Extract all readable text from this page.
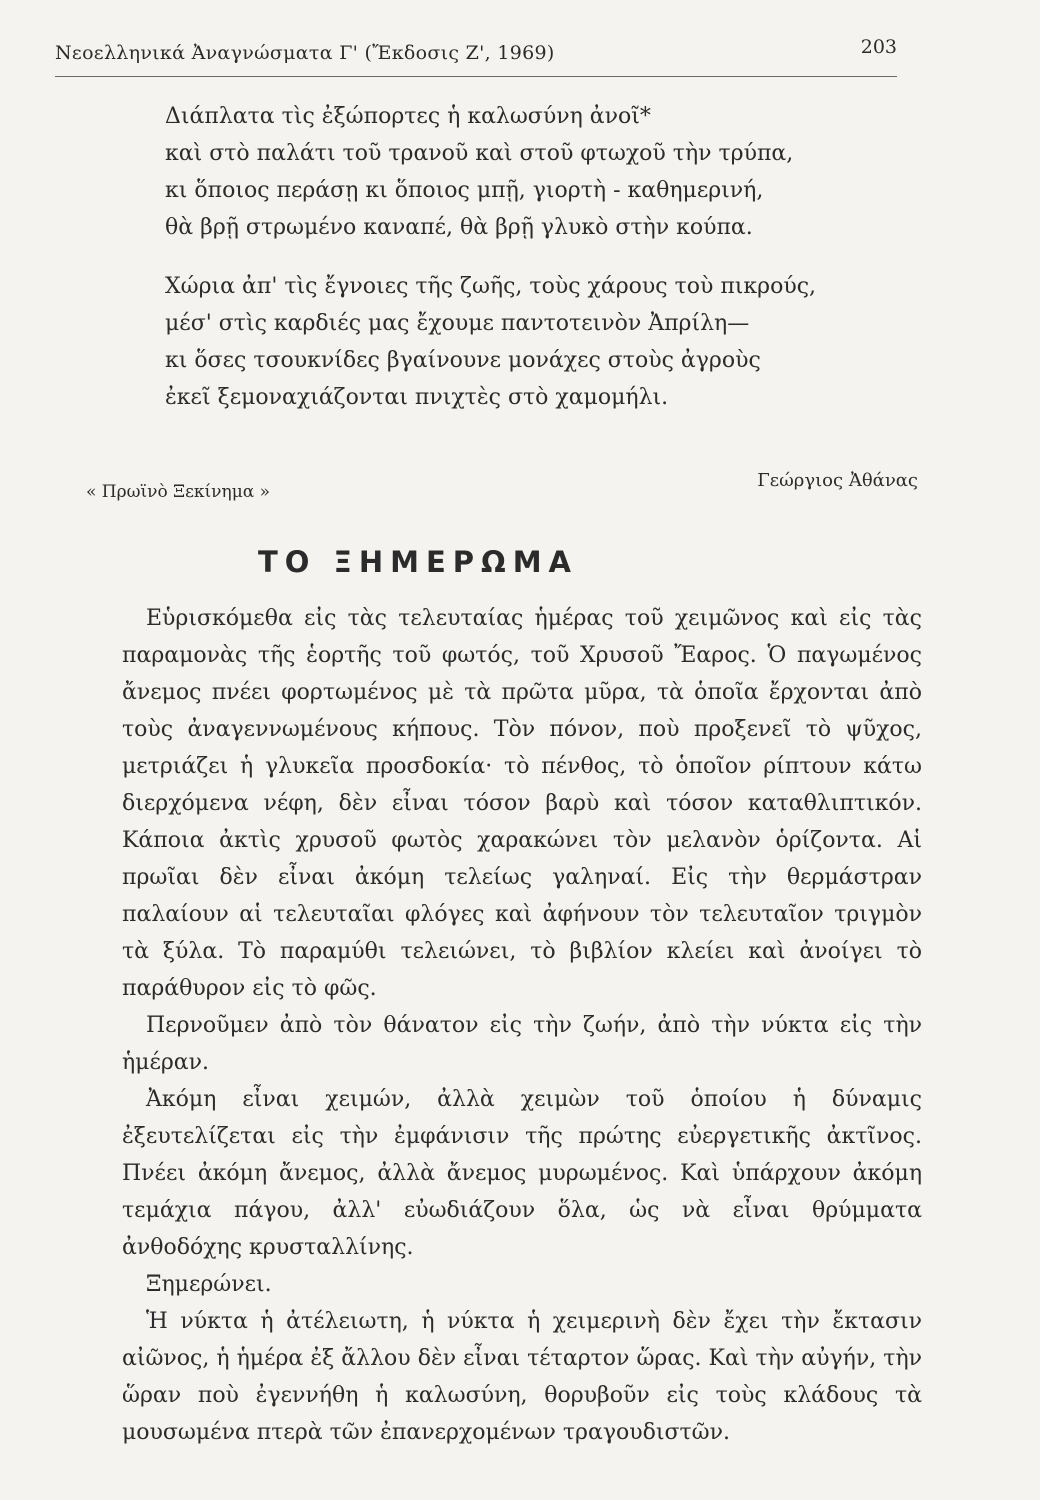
Νεοελληνικά Ἀναγνώσματα Γ' (Ἔκδοσις Ζ', 1969)	203

Διάπλατα τὶς ἐξώπορτες ἡ καλωσύνη ἀνοῖ*
καὶ στὸ παλάτι τοῦ τρανοῦ καὶ στοῦ φτωχοῦ τὴν τρύπα,
κι ὅποιος περάσῃ κι ὅποιος μπῇ, γιορτὴ - καθημερινή,
θὰ βρῇ στρωμένο καναπέ, θὰ βρῇ γλυκὸ στὴν κούπα.

Χώρια ἀπ' τὶς ἔγνοιες τῆς ζωῆς, τοὺς χάρους τοὺ πικρούς,
μέσ' στὶς καρδιές μας ἔχουμε παντοτεινὸν Ἀπρίλη—
κι ὅσες τσουκνίδες βγαίνουνε μονάχες στοὺς ἀγροὺς
ἐκεῖ ξεμοναχιάζονται πνιχτὲς στὸ χαμομήλι.

« Πρωϊνὸ Ξεκίνημα »
Γεώργιος Ἀθάνας
ΤΟ ΞΗΜΕΡΩΜΑ

Εὑρισκόμεθα εἰς τὰς τελευταίας ἡμέρας τοῦ χειμῶνος καὶ εἰς τὰς παραμονὰς τῆς ἑορτῆς τοῦ φωτός, τοῦ Χρυσοῦ Ἔαρος. Ὁ παγωμένος ἄνεμος πνέει φορτωμένος μὲ τὰ πρῶτα μῦρα, τὰ ὁποῖα ἔρχονται ἀπὸ τοὺς ἀναγεννωμένους κήπους. Τὸν πόνον, ποὺ προξενεῖ τὸ ψῦχος, μετριάζει ἡ γλυκεῖα προσδοκία· τὸ πένθος, τὸ ὁποῖον ρίπτουν κάτω διερχόμενα νέφη, δὲν εἶναι τόσον βαρὺ καὶ τόσον καταθλιπτικόν. Κάποια ἀκτὶς χρυσοῦ φωτὸς χαρακώνει τὸν μελανὸν ὁρίζοντα. Αἱ πρωῖαι δὲν εἶναι ἀκόμη τελείως γαληναί. Εἰς τὴν θερμάστραν παλαίουν αἱ τελευταῖαι φλόγες καὶ ἀφήνουν τὸν τελευταῖον τριγμὸν τὰ ξύλα. Τὸ παραμύθι τελειώνει, τὸ βιβλίον κλείει καὶ ἀνοίγει τὸ παράθυρον εἰς τὸ φῶς.

Περνοῦμεν ἀπὸ τὸν θάνατον εἰς τὴν ζωήν, ἀπὸ τὴν νύκτα εἰς τὴν ἡμέραν.

Ἀκόμη εἶναι χειμών, ἀλλὰ χειμὼν τοῦ ὁποίου ἡ δύναμις ἐξευτελίζεται εἰς τὴν ἐμφάνισιν τῆς πρώτης εὐεργετικῆς ἀκτῖνος. Πνέει ἀκόμη ἄνεμος, ἀλλὰ ἄνεμος μυρωμένος. Καὶ ὑπάρχουν ἀκόμη τεμάχια πάγου, ἀλλ' εὐωδιάζουν ὅλα, ὡς νὰ εἶναι θρύμματα ἀνθοδόχης κρυσταλλίνης.

Ξημερώνει.

Ἡ νύκτα ἡ ἀτέλειωτη, ἡ νύκτα ἡ χειμερινὴ δὲν ἔχει τὴν ἔκτασιν αἰῶνος, ἡ ἡμέρα ἐξ ἄλλου δὲν εἶναι τέταρτον ὥρας. Καὶ τὴν αὐγήν, τὴν ὥραν ποὺ ἐγεννήθη ἡ καλωσύνη, θορυβοῦν εἰς τοὺς κλάδους τὰ μουσωμένα πτερὰ τῶν ἐπανερχομένων τραγουδιστῶν.
